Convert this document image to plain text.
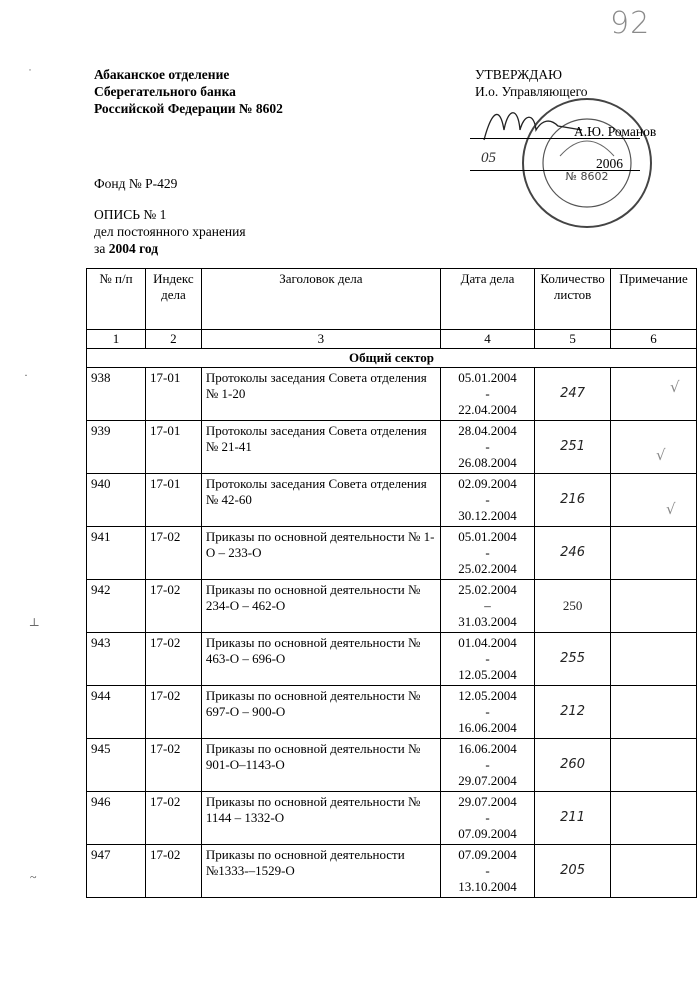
92
Абаканское отделение
Сберегательного банка
Российской Федерации № 8602
УТВЕРЖДАЮ
И.о. Управляющего
№ 8602
А.Ю. Романов
05	2006
Фонд № Р-429
ОПИСЬ № 1
дел постоянного хранения
за 2004 год
˙
·
┴
~
√
√
√
№ п/п	Индекс дела	Заголовок дела	Дата дела	Количество листов	Примечание
1	2	3	4	5	6
Общий сектор					
938	17-01	Протоколы заседания Совета отделения № 1-20	05.01.2004
-
22.04.2004	247	
939	17-01	Протоколы заседания Совета отделения № 21-41	28.04.2004
-
26.08.2004	251	
940	17-01	Протоколы заседания Совета отделения № 42-60	02.09.2004
-
30.12.2004	216	
941	17-02	Приказы по основной деятельности № 1-О – 233-О	05.01.2004
-
25.02.2004	246	
942	17-02	Приказы по основной деятельности № 234-О – 462-О	25.02.2004
–
31.03.2004	250	
943	17-02	Приказы по основной деятельности № 463-О – 696-О	01.04.2004
-
12.05.2004	255	
944	17-02	Приказы по основной деятельности № 697-О – 900-О	12.05.2004
-
16.06.2004	212	
945	17-02	Приказы по основной деятельности № 901-О–1143-О	16.06.2004
-
29.07.2004	260	
946	17-02	Приказы по основной деятельности № 1144 – 1332-О	29.07.2004
-
07.09.2004	211	
947	17-02	Приказы по основной деятельности №1333-–1529-О	07.09.2004
-
13.10.2004	205	
